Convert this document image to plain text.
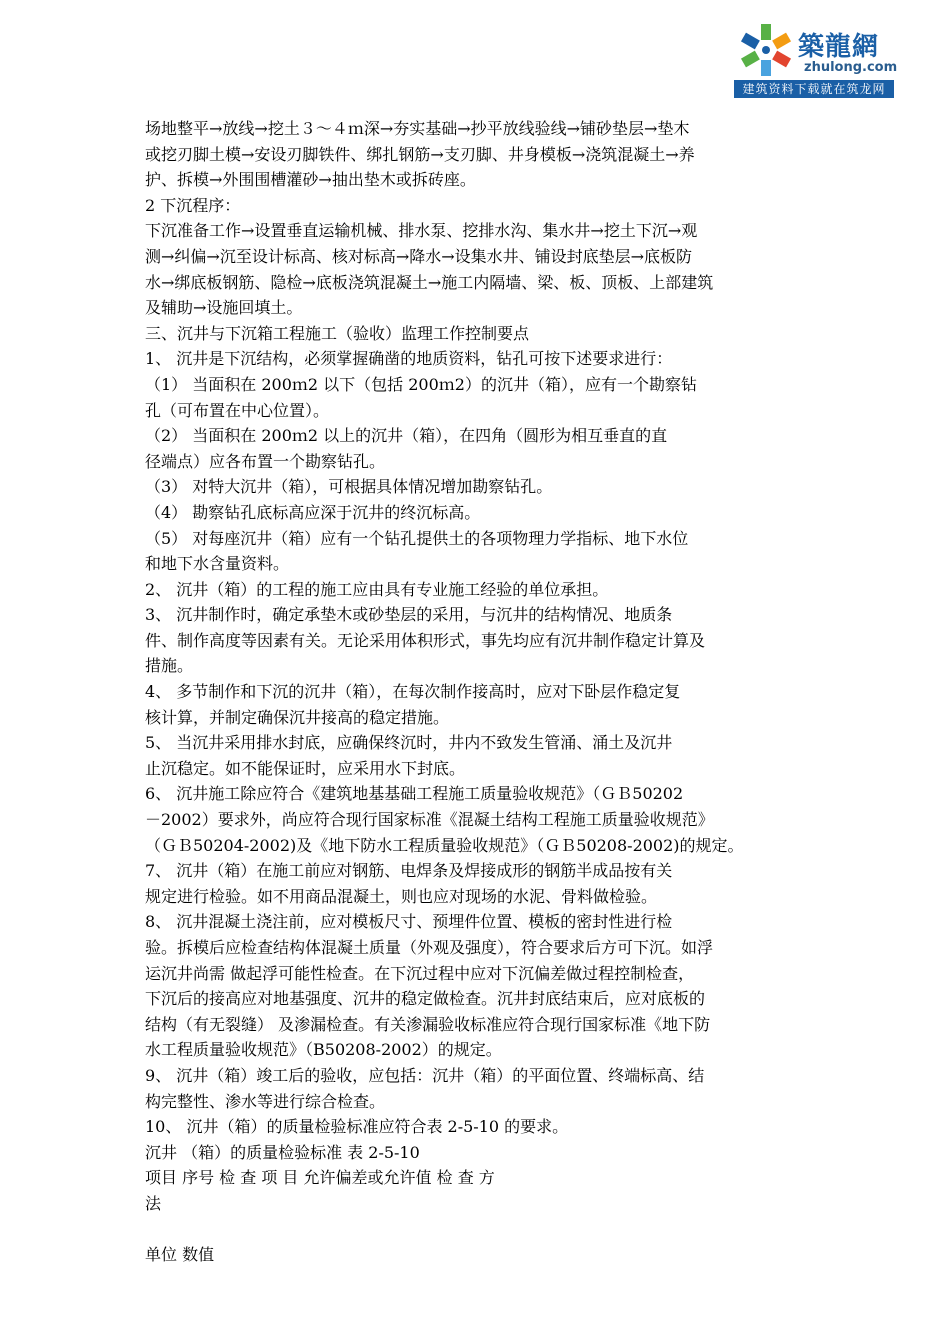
築龍網
zhulong.com
建筑资料下载就在筑龙网
场地整平→放线→挖土３～４ｍ深→夯实基础→抄平放线验线→铺砂垫层→垫木
或挖刃脚土模→安设刃脚铁件、绑扎钢筋→支刃脚、井身模板→浇筑混凝土→养
护、拆模→外围围槽灌砂→抽出垫木或拆砖座。
2 下沉程序：
下沉准备工作→设置垂直运输机械、排水泵、挖排水沟、集水井→挖土下沉→观
测→纠偏→沉至设计标高、核对标高→降水→设集水井、铺设封底垫层→底板防
水→绑底板钢筋、隐检→底板浇筑混凝土→施工内隔墙、梁、板、顶板、上部建筑
及辅助→设施回填土。
三、沉井与下沉箱工程施工（验收）监理工作控制要点
1、 沉井是下沉结构，必须掌握确凿的地质资料，钻孔可按下述要求进行：
（1） 当面积在 200ｍ2 以下（包括 200ｍ2）的沉井（箱），应有一个勘察钻
孔（可布置在中心位置）。
（2） 当面积在 200ｍ2 以上的沉井（箱），在四角（圆形为相互垂直的直
径端点）应各布置一个勘察钻孔。
（3） 对特大沉井（箱），可根据具体情况增加勘察钻孔。
（4） 勘察钻孔底标高应深于沉井的终沉标高。
（5） 对每座沉井（箱）应有一个钻孔提供土的各项物理力学指标、地下水位
和地下水含量资料。
2、 沉井（箱）的工程的施工应由具有专业施工经验的单位承担。
3、 沉井制作时，确定承垫木或砂垫层的采用，与沉井的结构情况、地质条
件、制作高度等因素有关。无论采用体积形式，事先均应有沉井制作稳定计算及
措施。
4、 多节制作和下沉的沉井（箱），在每次制作接高时，应对下卧层作稳定复
核计算，并制定确保沉井接高的稳定措施。
5、 当沉井采用排水封底，应确保终沉时，井内不致发生管涌、涌土及沉井
止沉稳定。如不能保证时，应采用水下封底。
6、 沉井施工除应符合《建筑地基基础工程施工质量验收规范》（ＧＢ50202
－2002）要求外，尚应符合现行国家标准《混凝土结构工程施工质量验收规范》
（ＧＢ50204-2002)及《地下防水工程质量验收规范》（ＧＢ50208-2002)的规定。
7、 沉井（箱）在施工前应对钢筋、电焊条及焊接成形的钢筋半成品按有关
规定进行检验。如不用商品混凝土，则也应对现场的水泥、骨料做检验。
8、 沉井混凝土浇注前，应对模板尺寸、预埋件位置、模板的密封性进行检
验。拆模后应检查结构体混凝土质量（外观及强度），符合要求后方可下沉。如浮
运沉井尚需 做起浮可能性检查。在下沉过程中应对下沉偏差做过程控制检查，
下沉后的接高应对地基强度、沉井的稳定做检查。沉井封底结束后，应对底板的
结构（有无裂缝） 及渗漏检查。有关渗漏验收标准应符合现行国家标准《地下防
水工程质量验收规范》（B50208-2002）的规定。
9、 沉井（箱）竣工后的验收，应包括：沉井（箱）的平面位置、终端标高、结
构完整性、渗水等进行综合检查。
10、 沉井（箱）的质量检验标准应符合表 2-5-10 的要求。
沉井 （箱）的质量检验标准 表 2-5-10
项目 序号 检 查 项 目 允许偏差或允许值 检 查 方
法
单位 数值
